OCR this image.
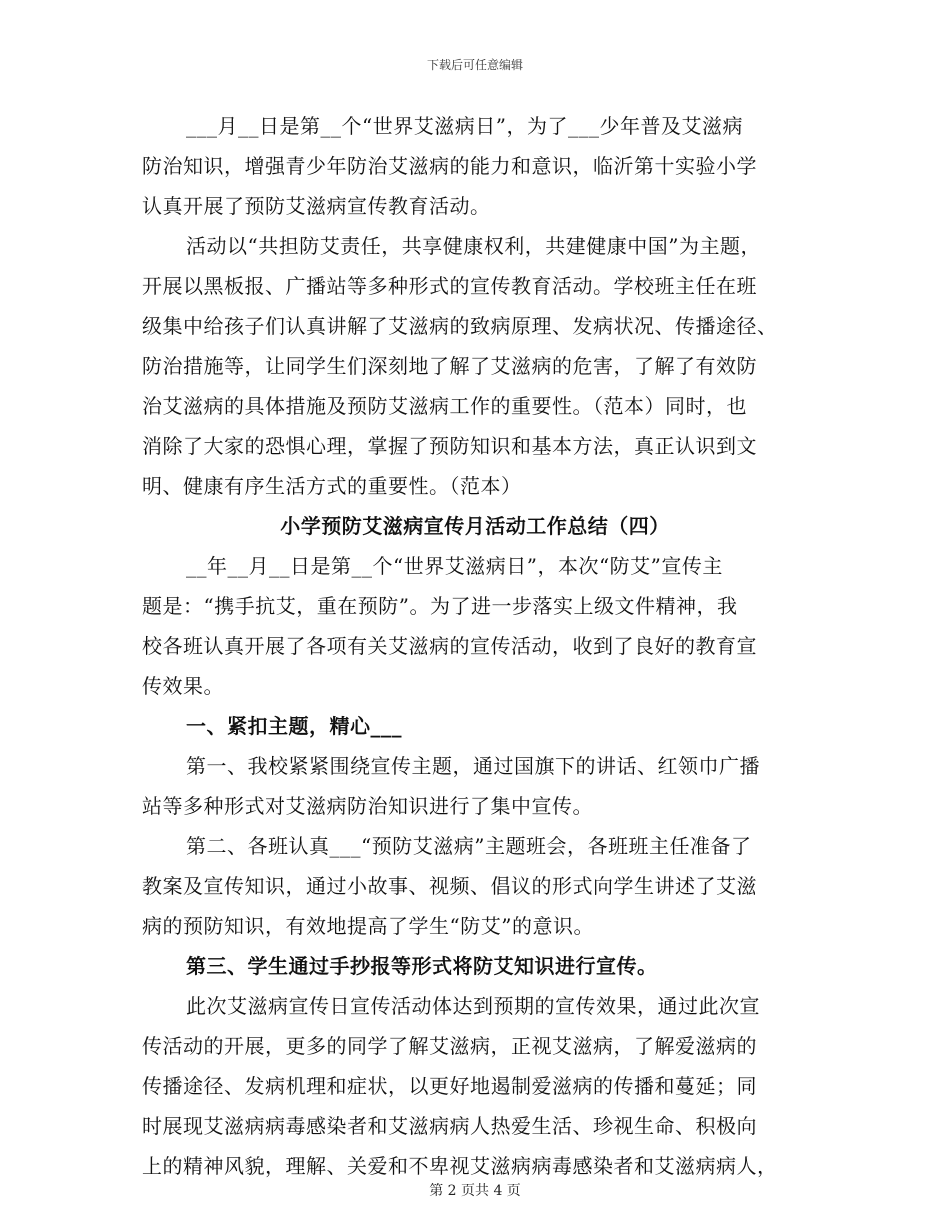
下载后可任意编辑
___月__日是第__个“世界艾滋病日”，为了___少年普及艾滋病
防治知识，增强青少年防治艾滋病的能力和意识，临沂第十实验小学
认真开展了预防艾滋病宣传教育活动。
活动以“共担防艾责任，共享健康权利，共建健康中国”为主题，
开展以黑板报、广播站等多种形式的宣传教育活动。学校班主任在班
级集中给孩子们认真讲解了艾滋病的致病原理、发病状况、传播途径、
防治措施等，让同学生们深刻地了解了艾滋病的危害，了解了有效防
治艾滋病的具体措施及预防艾滋病工作的重要性。（范本）同时，也
消除了大家的恐惧心理，掌握了预防知识和基本方法，真正认识到文
明、健康有序生活方式的重要性。（范本）
小学预防艾滋病宣传月活动工作总结（四）
__年__月__日是第__个“世界艾滋病日”，本次“防艾”宣传主
题是：“携手抗艾，重在预防”。为了进一步落实上级文件精神，我
校各班认真开展了各项有关艾滋病的宣传活动，收到了良好的教育宣
传效果。
一、紧扣主题，精心___
第一、我校紧紧围绕宣传主题，通过国旗下的讲话、红领巾广播
站等多种形式对艾滋病防治知识进行了集中宣传。
第二、各班认真___“预防艾滋病”主题班会，各班班主任准备了
教案及宣传知识，通过小故事、视频、倡议的形式向学生讲述了艾滋
病的预防知识，有效地提高了学生“防艾”的意识。
第三、学生通过手抄报等形式将防艾知识进行宣传。
此次艾滋病宣传日宣传活动体达到预期的宣传效果，通过此次宣
传活动的开展，更多的同学了解艾滋病，正视艾滋病，了解爱滋病的
传播途径、发病机理和症状，以更好地遏制爱滋病的传播和蔓延；同
时展现艾滋病病毒感染者和艾滋病病人热爱生活、珍视生命、积极向
上的精神风貌，理解、关爱和不卑视艾滋病病毒感染者和艾滋病病人，
第 2 页共 4 页
